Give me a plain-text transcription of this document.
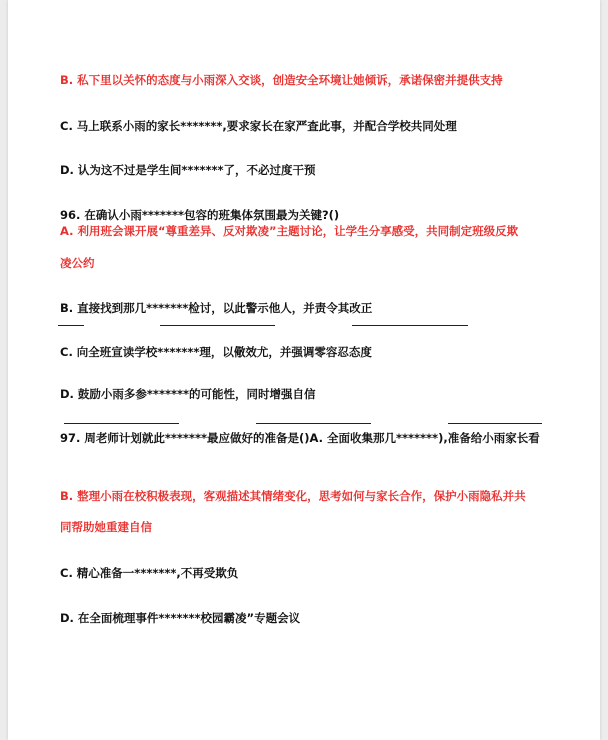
B. 私下里以关怀的态度与小雨深入交谈，创造安全环境让她倾诉，承诺保密并提供支持
C. 马上联系小雨的家长*******,要求家长在家严查此事，并配合学校共同处理
D. 认为这不过是学生间*******了，不必过度干预
96. 在确认小雨*******包容的班集体氛围最为关键?()
A. 利用班会课开展“尊重差异、反对欺凌”主题讨论，让学生分享感受，共同制定班级反欺
凌公约
B. 直接找到那几*******检讨，以此警示他人，并责令其改正
C. 向全班宣读学校*******理，以儆效尤，并强调零容忍态度
D. 鼓励小雨多参*******的可能性，同时增强自信
97. 周老师计划就此*******最应做好的准备是()A. 全面收集那几*******),准备给小雨家长看
B. 整理小雨在校积极表现，客观描述其情绪变化，思考如何与家长合作，保护小雨隐私并共
同帮助她重建自信
C. 精心准备一*******,不再受欺负
D. 在全面梳理事件*******校园霸凌”专题会议
